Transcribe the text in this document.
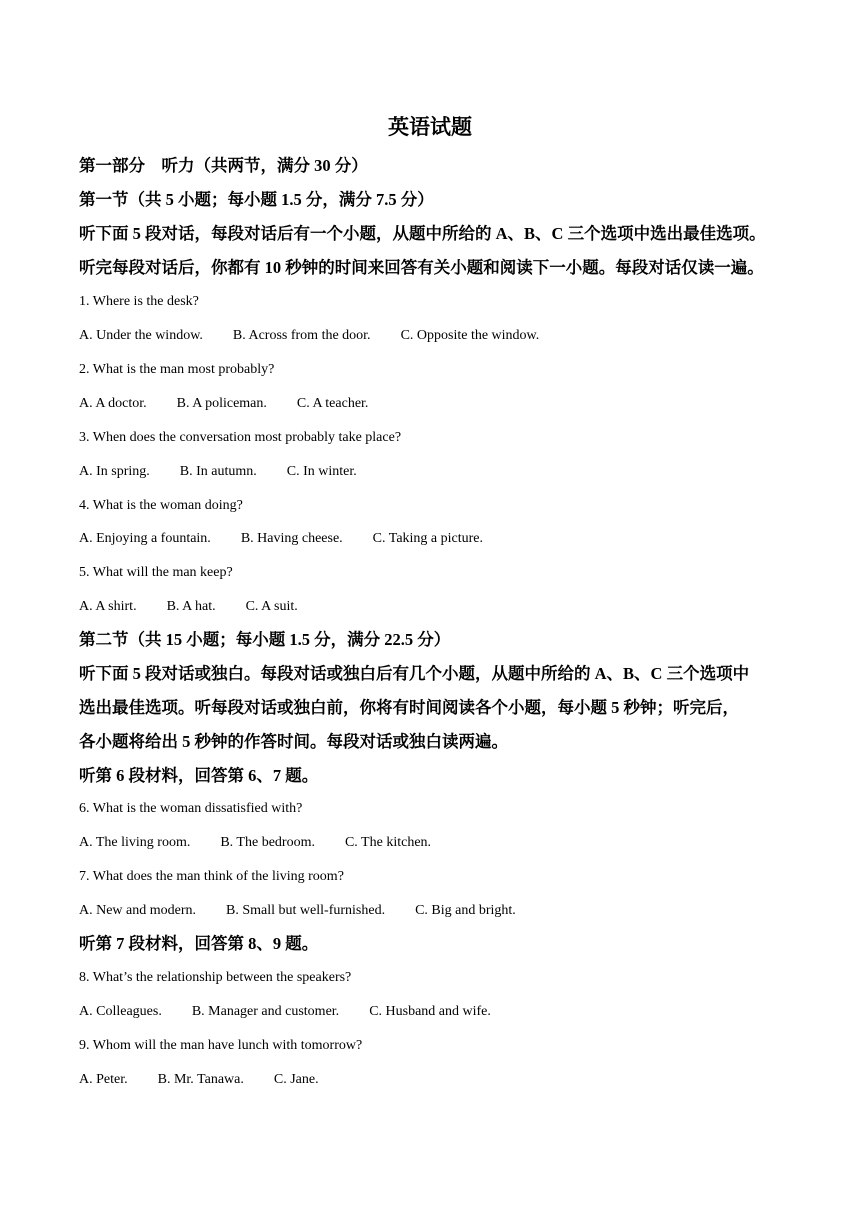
英语试题
第一部分　听力（共两节，满分 30 分）
第一节（共 5 小题；每小题 1.5 分，满分 7.5 分）
听下面 5 段对话，每段对话后有一个小题，从题中所给的 A、B、C 三个选项中选出最佳选项。
听完每段对话后，你都有 10 秒钟的时间来回答有关小题和阅读下一小题。每段对话仅读一遍。
1. Where is the desk?
A. Under the window. B. Across from the door. C. Opposite the window.
2. What is the man most probably?
A. A doctor. B. A policeman. C. A teacher.
3. When does the conversation most probably take place?
A. In spring. B. In autumn. C. In winter.
4. What is the woman doing?
A. Enjoying a fountain. B. Having cheese. C. Taking a picture.
5. What will the man keep?
A. A shirt. B. A hat. C. A suit.
第二节（共 15 小题；每小题 1.5 分，满分 22.5 分）
听下面 5 段对话或独白。每段对话或独白后有几个小题，从题中所给的 A、B、C 三个选项中
选出最佳选项。听每段对话或独白前，你将有时间阅读各个小题，每小题 5 秒钟；听完后，
各小题将给出 5 秒钟的作答时间。每段对话或独白读两遍。
听第 6 段材料，回答第 6、7 题。
6. What is the woman dissatisfied with?
A. The living room. B. The bedroom. C. The kitchen.
7. What does the man think of the living room?
A. New and modern. B. Small but well-furnished. C. Big and bright.
听第 7 段材料，回答第 8、9 题。
8. What’s the relationship between the speakers?
A. Colleagues. B. Manager and customer. C. Husband and wife.
9. Whom will the man have lunch with tomorrow?
A. Peter. B. Mr. Tanawa. C. Jane.
